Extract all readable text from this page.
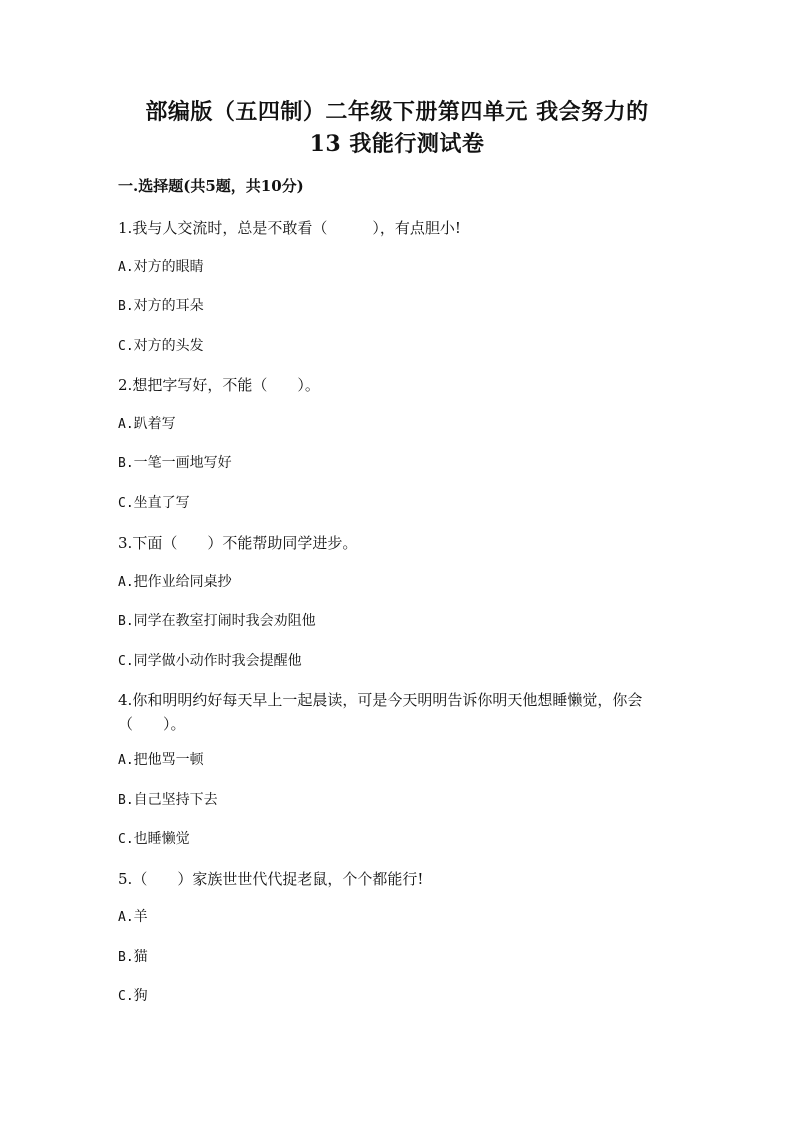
部编版（五四制）二年级下册第四单元 我会努力的
13 我能行测试卷
一.选择题(共5题，共10分)
1.我与人交流时，总是不敢看（　　　），有点胆小!
A.对方的眼睛
B.对方的耳朵
C.对方的头发
2.想把字写好，不能（　　）。
A.趴着写
B.一笔一画地写好
C.坐直了写
3.下面（　　）不能帮助同学进步。
A.把作业给同桌抄
B.同学在教室打闹时我会劝阻他
C.同学做小动作时我会提醒他
4.你和明明约好每天早上一起晨读，可是今天明明告诉你明天他想睡懒觉，你会（　　）。
A.把他骂一顿
B.自己坚持下去
C.也睡懒觉
5.（　　）家族世世代代捉老鼠，个个都能行!
A.羊
B.猫
C.狗
